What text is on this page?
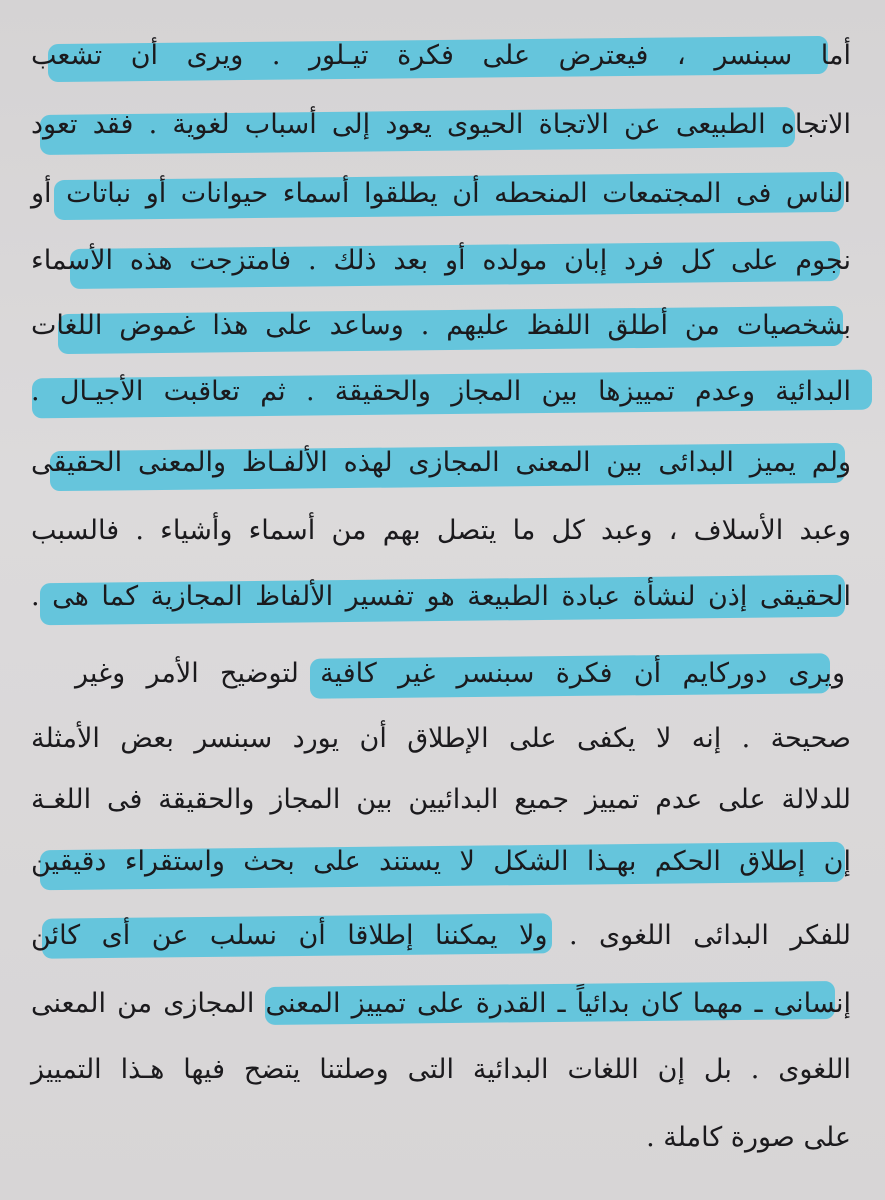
أما سبنسر ، فيعترض على فكرة تيـلور . ويرى أن تشعب
الاتجاه الطبيعى عن الاتجاة الحيوى يعود إلى أسباب لغوية . فقد تعود
الناس فى المجتمعات المنحطه أن يطلقوا أسماء حيوانات أو نباتات أو
نجوم على كل فرد إبان مولده أو بعد ذلك . فامتزجت هذه الأسماء
بشخصيات من أطلق اللفظ عليهم . وساعد على هذا غموض اللغات
البدائية وعدم تمييزها بين المجاز والحقيقة . ثم تعاقبت الأجيـال .
ولم يميز البدائى بين المعنى المجازى لهذه الألفـاظ والمعنى الحقيقى
وعبد الأسلاف ، وعبد كل ما يتصل بهم من أسماء وأشياء . فالسبب
الحقيقى إذن لنشأة عبادة الطبيعة هو تفسير الألفاظ المجازية كما هى .
ويرى دوركايم أن فكرة سبنسر غير كافية لتوضيح الأمر وغير
صحيحة . إنه لا يكفى على الإطلاق أن يورد سبنسر بعض الأمثلة
للدلالة على عدم تمييز جميع البدائيين بين المجاز والحقيقة فى اللغـة
إن إطلاق الحكم بهـذا الشكل لا يستند على بحث واستقراء دقيقين
للفكر البدائى اللغوى . ولا يمكننا إطلاقا أن نسلب عن أى كائن
إنسانى ـ مهما كان بدائياً ـ القدرة على تمييز المعنى المجازى من المعنى
اللغوى . بل إن اللغات البدائية التى وصلتنا يتضح فيها هـذا التمييز
على صورة كاملة .
